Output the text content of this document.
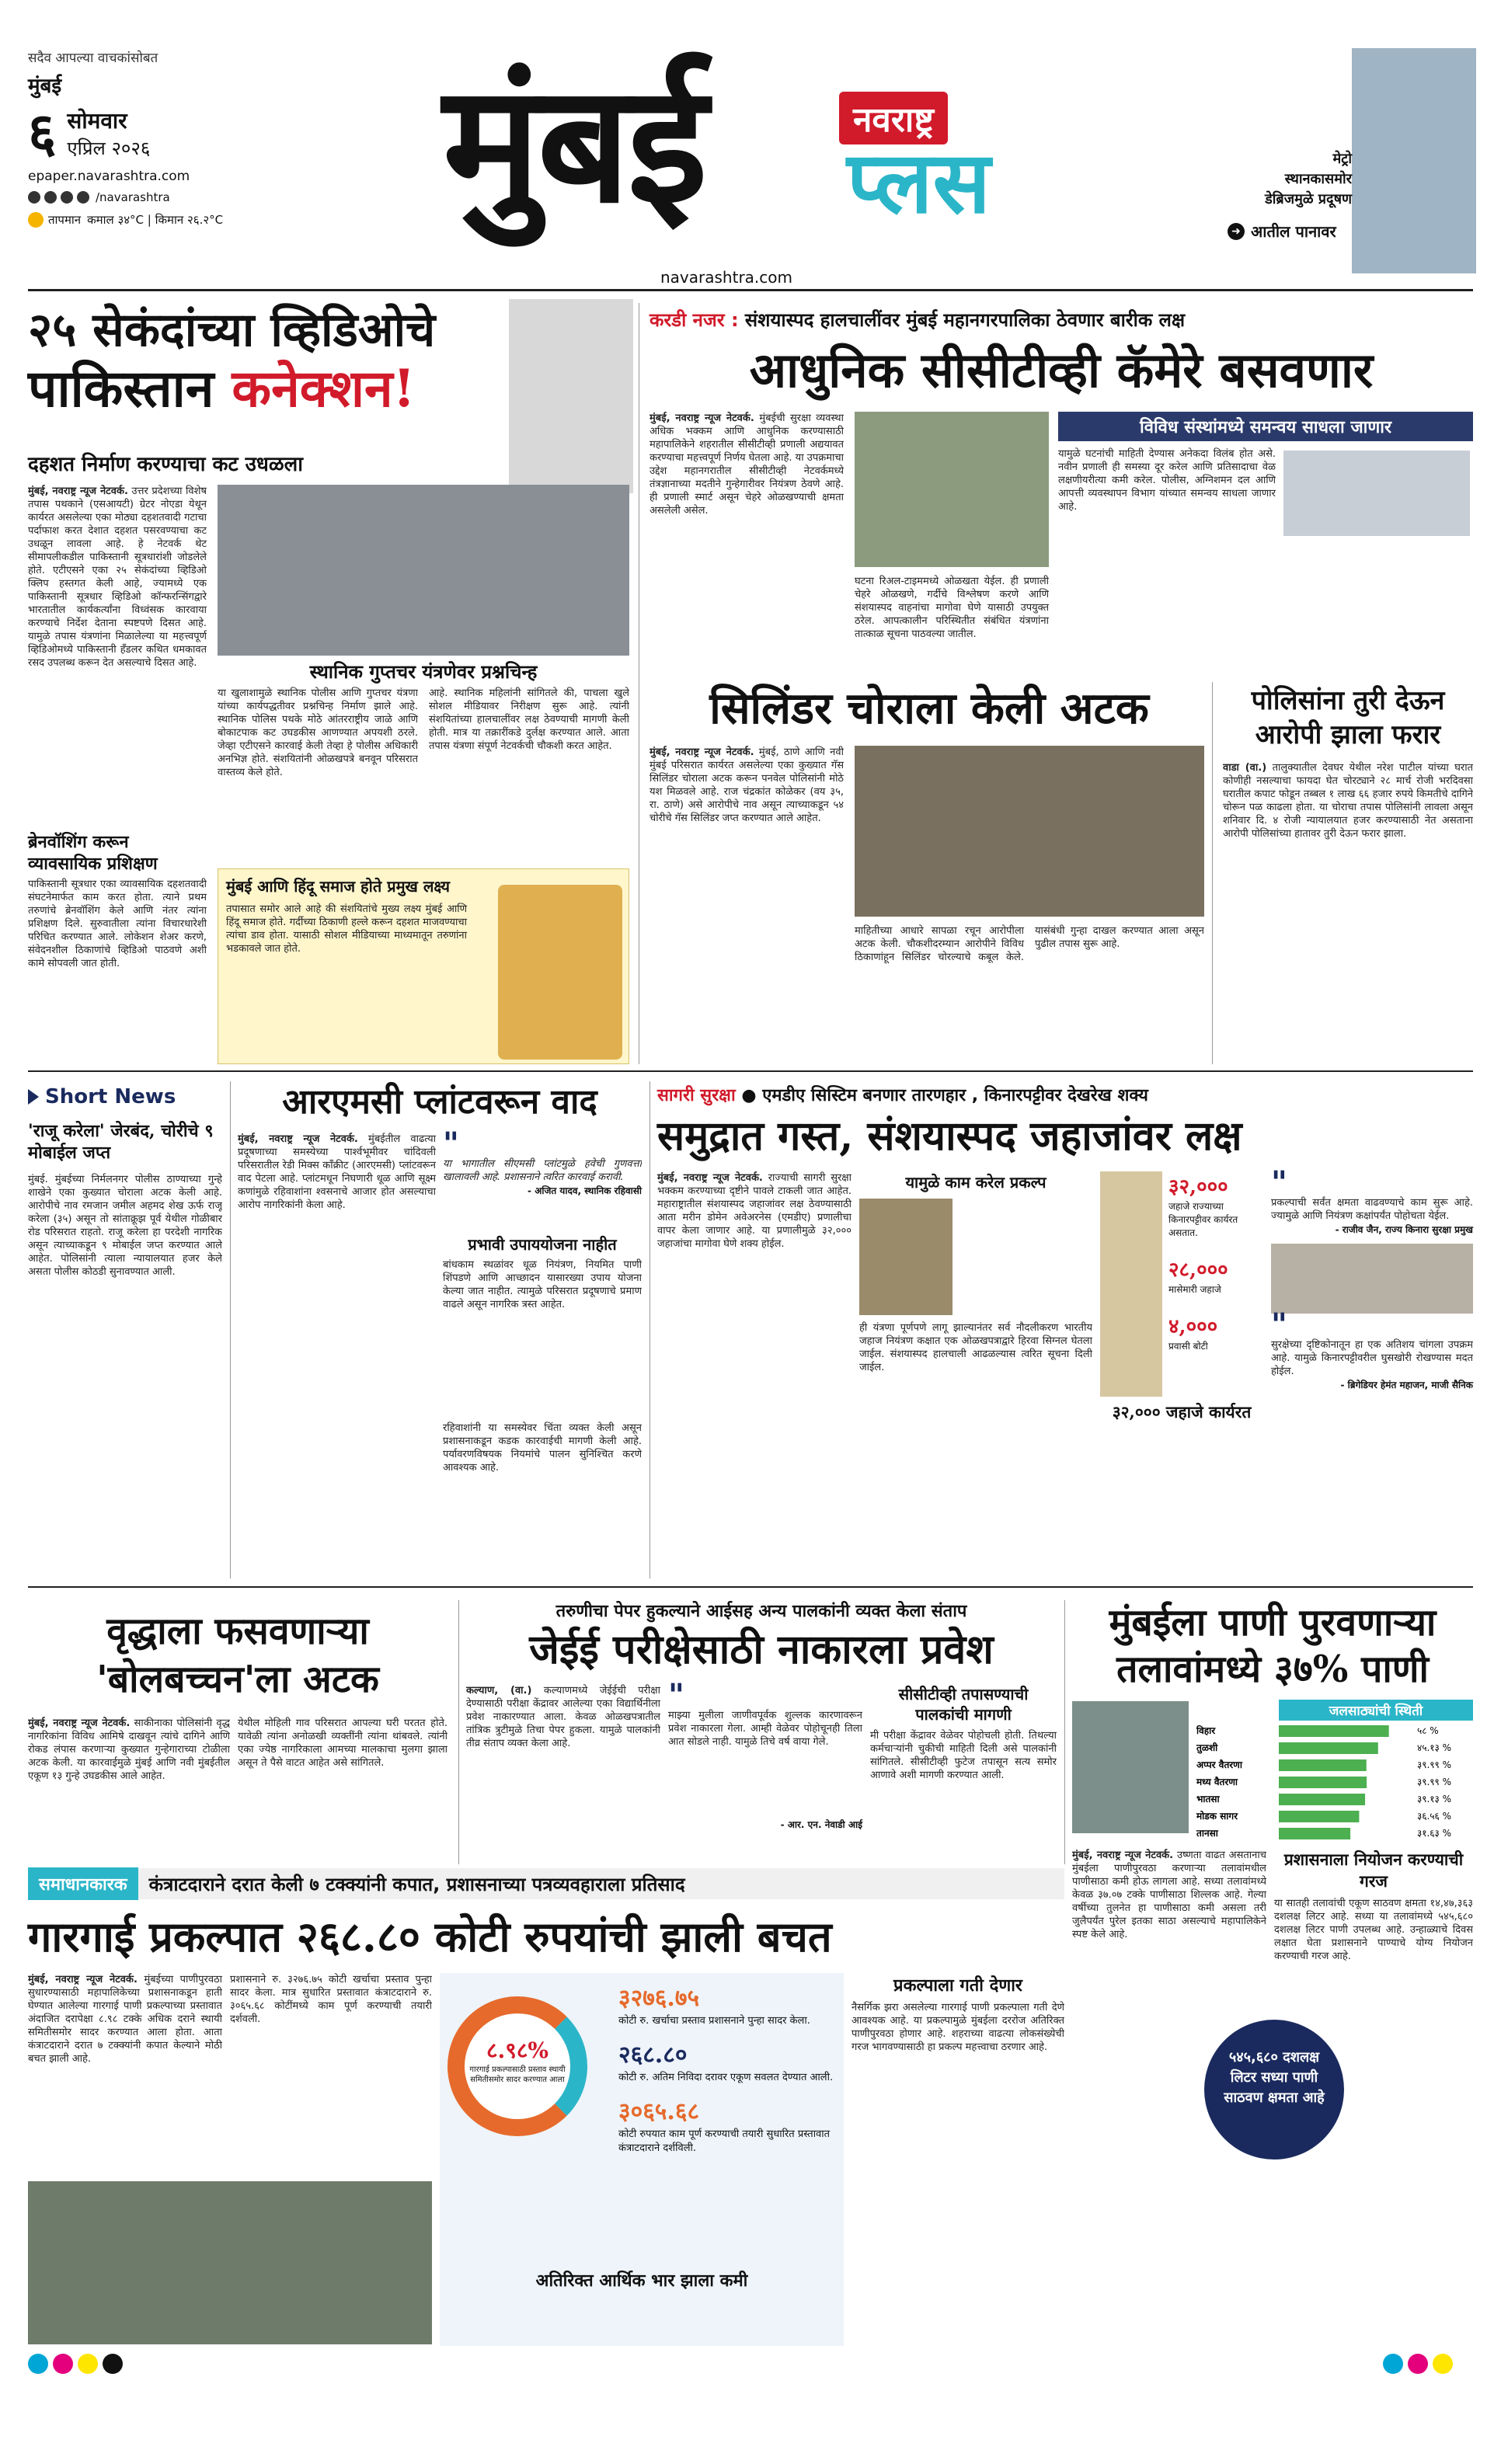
सदैव आपल्या वाचकांसोबत
मुंबई
६ सोमवार
एप्रिल २०२६
epaper.navarashtra.com
/navarashtra
तापमान कमाल ३४°C | किमान २६.२°C मुंबई	नवराष्ट्र
प्लस
navarashtra.com
मेट्रो
स्थानकासमोर
डेब्रिजमुळे प्रदूषण
➜ आतील पानावर
२५ सेकंदांच्या व्हिडिओचे
पाकिस्तान कनेक्शन!
दहशत निर्माण करण्याचा कट उधळला
मुंबई, नवराष्ट्र न्यूज नेटवर्क. उत्तर प्रदेशच्या विशेष तपास पथकाने (एसआयटी) ग्रेटर नोएडा येथून कार्यरत असलेल्या एका मोठ्या दहशतवादी गटाचा पर्दाफाश करत देशात दहशत पसरवण्याचा कट उधळून लावला आहे. हे नेटवर्क थेट सीमापलीकडील पाकिस्तानी सूत्रधारांशी जोडलेले होते. एटीएसने एका २५ सेकंदांच्या व्हिडिओ क्लिप हस्तगत केली आहे, ज्यामध्ये एक पाकिस्तानी सूत्रधार व्हिडिओ कॉन्फरन्सिंगद्वारे भारतातील कार्यकर्त्यांना विध्वंसक कारवाया करण्याचे निर्देश देताना स्पष्टपणे दिसत आहे. यामुळे तपास यंत्रणांना मिळालेल्या या महत्त्वपूर्ण व्हिडिओमध्ये पाकिस्तानी हँडलर कथित धमकावत रसद उपलब्ध करून देत असल्याचे दिसत आहे.	स्थानिक गुप्तचर यंत्रणेवर प्रश्नचिन्ह
या खुलाशामुळे स्थानिक पोलीस आणि गुप्तचर यंत्रणा यांच्या कार्यपद्धतीवर प्रश्नचिन्ह निर्माण झाले आहे. स्थानिक पोलिस पथके मोठे आंतरराष्ट्रीय जाळे आणि बोकाटपाक कट उघडकीस आणण्यात अपयशी ठरले. जेव्हा एटीएसने कारवाई केली तेव्हा हे पोलीस अधिकारी अनभिज्ञ होते. संशयितांनी ओळखपत्रे बनवून परिसरात वास्तव्य केले होते.
आहे. स्थानिक महिलांनी सांगितले की, पाचला खुले सोशल मीडियावर निरीक्षण सुरू आहे. त्यांनी संशयितांच्या हालचालींवर लक्ष ठेवण्याची मागणी केली होती. मात्र या तक्रारींकडे दुर्लक्ष करण्यात आले. आता तपास यंत्रणा संपूर्ण नेटवर्कची चौकशी करत आहेत.
ब्रेनवॉशिंग करून व्यावसायिक प्रशिक्षण
पाकिस्तानी सूत्रधार एका व्यावसायिक दहशतवादी संघटनेमार्फत काम करत होता. त्याने प्रथम तरुणांचे ब्रेनवॉशिंग केले आणि नंतर त्यांना प्रशिक्षण दिले. सुरुवातीला त्यांना विचारधारेशी परिचित करण्यात आले. लोकेशन शेअर करणे, संवेदनशील ठिकाणांचे व्हिडिओ पाठवणे अशी कामे सोपवली जात होती.
मुंबई आणि हिंदू समाज होते प्रमुख लक्ष्य
तपासात समोर आले आहे की संशयितांचे मुख्य लक्ष्य मुंबई आणि हिंदू समाज होते. गर्दीच्या ठिकाणी हल्ले करून दहशत माजवण्याचा त्यांचा डाव होता. यासाठी सोशल मीडियाच्या माध्यमातून तरुणांना भडकावले जात होते.
करडी नजर : संशयास्पद हालचालींवर मुंबई महानगरपालिका ठेवणार बारीक लक्ष
आधुनिक सीसीटीव्ही कॅमेरे बसवणार
मुंबई, नवराष्ट्र न्यूज नेटवर्क. मुंबईची सुरक्षा व्यवस्था अधिक भक्कम आणि आधुनिक करण्यासाठी महापालिकेने शहरातील सीसीटीव्ही प्रणाली अद्ययावत करण्याचा महत्त्वपूर्ण निर्णय घेतला आहे. या उपक्रमाचा उद्देश महानगरातील सीसीटीव्ही नेटवर्कमध्ये तंत्रज्ञानाच्या मदतीने गुन्हेगारीवर नियंत्रण ठेवणे आहे. ही प्रणाली स्मार्ट असून चेहरे ओळखण्याची क्षमता असलेली असेल.
घटना रिअल-टाइममध्ये ओळखता येईल. ही प्रणाली चेहरे ओळखणे, गर्दीचे विश्लेषण करणे आणि संशयास्पद वाहनांचा मागोवा घेणे यासाठी उपयुक्त ठरेल. आपत्कालीन परिस्थितीत संबंधित यंत्रणांना तात्काळ सूचना पाठवल्या जातील.
विविध संस्थांमध्ये समन्वय साधला जाणार
यामुळे घटनांची माहिती देण्यास अनेकदा विलंब होत असे. नवीन प्रणाली ही समस्या दूर करेल आणि प्रतिसादाचा वेळ लक्षणीयरीत्या कमी करेल. पोलीस, अग्निशमन दल आणि आपत्ती व्यवस्थापन विभाग यांच्यात समन्वय साधला जाणार आहे.
सिलिंडर चोराला केली अटक
मुंबई, नवराष्ट्र न्यूज नेटवर्क. मुंबई, ठाणे आणि नवी मुंबई परिसरात कार्यरत असलेल्या एका कुख्यात गॅस सिलिंडर चोराला अटक करून पनवेल पोलिसांनी मोठे यश मिळवले आहे. राज चंद्रकांत कोळेकर (वय ३५, रा. ठाणे) असे आरोपीचे नाव असून त्याच्याकडून ५४ चोरीचे गॅस सिलिंडर जप्त करण्यात आले आहेत.
माहितीच्या आधारे सापळा रचून आरोपीला अटक केली. चौकशीदरम्यान आरोपीने विविध ठिकाणांहून सिलिंडर चोरल्याचे कबूल केले. यासंबंधी गुन्हा दाखल करण्यात आला असून पुढील तपास सुरू आहे.
पोलिसांना तुरी देऊन आरोपी झाला फरार
वाडा (वा.) तालुक्यातील देवघर येथील नरेश पाटील यांच्या घरात कोणीही नसल्याचा फायदा घेत चोरट्याने २८ मार्च रोजी भरदिवसा घरातील कपाट फोडून तब्बल १ लाख ६६ हजार रुपये किमतीचे दागिने चोरून पळ काढला होता. या चोराचा तपास पोलिसांनी लावला असून शनिवार दि. ४ रोजी न्यायालयात हजर करण्यासाठी नेत असताना आरोपी पोलिसांच्या हातावर तुरी देऊन फरार झाला.
Short News
'राजू करेला' जेरबंद, चोरीचे ९ मोबाईल जप्त
मुंबई. मुंबईच्या निर्मलनगर पोलीस ठाण्याच्या गुन्हे शाखेने एका कुख्यात चोराला अटक केली आहे. आरोपीचे नाव रमजान जमील अहमद शेख ऊर्फ राजू करेला (३५) असून तो सांताक्रूझ पूर्व येथील गोळीबार रोड परिसरात राहतो. राजू करेला हा परदेशी नागरिक असून त्याच्याकडून ९ मोबाईल जप्त करण्यात आले आहेत. पोलिसांनी त्याला न्यायालयात हजर केले असता पोलीस कोठडी सुनावण्यात आली.
आरएमसी प्लांटवरून वाद
मुंबई, नवराष्ट्र न्यूज नेटवर्क. मुंबईतील वाढत्या प्रदूषणाच्या समस्येच्या पार्श्वभूमीवर चांदिवली परिसरातील रेडी मिक्स काँक्रीट (आरएमसी) प्लांटवरून वाद पेटला आहे. प्लांटमधून निघणारी धूळ आणि सूक्ष्म कणांमुळे रहिवाशांना श्वसनाचे आजार होत असल्याचा आरोप नागरिकांनी केला आहे.
"
या भागातील सीएमसी प्लांटमुळे हवेची गुणवत्ता खालावली आहे. प्रशासनाने त्वरित कारवाई करावी.
- अजित यादव, स्थानिक रहिवासी
प्रभावी उपाययोजना नाहीत
बांधकाम स्थळांवर धूळ नियंत्रण, नियमित पाणी शिंपडणे आणि आच्छादन यासारख्या उपाय योजना केल्या जात नाहीत. त्यामुळे परिसरात प्रदूषणाचे प्रमाण वाढले असून नागरिक त्रस्त आहेत.
रहिवाशांनी या समस्येवर चिंता व्यक्त केली असून प्रशासनाकडून कडक कारवाईची मागणी केली आहे. पर्यावरणविषयक नियमांचे पालन सुनिश्चित करणे आवश्यक आहे.
सागरी सुरक्षा ● एमडीए सिस्टिम बनणार तारणहार , किनारपट्टीवर देखरेख शक्य
समुद्रात गस्त, संशयास्पद जहाजांवर लक्ष
मुंबई, नवराष्ट्र न्यूज नेटवर्क. राज्याची सागरी सुरक्षा भक्कम करण्याच्या दृष्टीने पावले टाकली जात आहेत. महाराष्ट्रातील संशयास्पद जहाजांवर लक्ष ठेवण्यासाठी आता मरीन डोमेन अवेअरनेस (एमडीए) प्रणालीचा वापर केला जाणार आहे. या प्रणालीमुळे ३२,००० जहाजांचा मागोवा घेणे शक्य होईल.
यामुळे काम करेल प्रकल्प
ही यंत्रणा पूर्णपणे लागू झाल्यानंतर सर्व नौदलीकरण भारतीय जहाज नियंत्रण कक्षात एक ओळखपत्राद्वारे हिरवा सिग्नल घेतला जाईल. संशयास्पद हालचाली आढळल्यास त्वरित सूचना दिली जाईल.
३२,०००
जहाजे राज्याच्या किनारपट्टीवर कार्यरत असतात.
२८,०००
मासेमारी जहाजे
४,०००
प्रवासी बोटी
३२,००० जहाजे कार्यरत
"
प्रकल्पाची सर्वंत क्षमता वाढवण्याचे काम सुरू आहे. ज्यामुळे आणि नियंत्रण कक्षांपर्यंत पोहोचता येईल.
- राजीव जैन, राज्य किनारा सुरक्षा प्रमुख
"
सुरक्षेच्या दृष्टिकोनातून हा एक अतिशय चांगला उपक्रम आहे. यामुळे किनारपट्टीवरील घुसखोरी रोखण्यास मदत होईल.
- ब्रिगेडियर हेमंत महाजन, माजी सैनिक
वृद्धाला फसवणाऱ्या
'बोलबच्चन'ला अटक
मुंबई, नवराष्ट्र न्यूज नेटवर्क. साकीनाका पोलिसांनी वृद्ध नागरिकांना विविध आमिषे दाखवून त्यांचे दागिने आणि रोकड लंपास करणाऱ्या कुख्यात गुन्हेगाराच्या टोळीला अटक केली. या कारवाईमुळे मुंबई आणि नवी मुंबईतील एकूण १३ गुन्हे उघडकीस आले आहेत.
येथील मोहिली गाव परिसरात आपल्या घरी परतत होते. यावेळी त्यांना अनोळखी व्यक्तींनी त्यांना थांबवले. त्यांनी एका ज्येष्ठ नागरिकाला आमच्या मालकाचा मुलगा झाला असून ते पैसे वाटत आहेत असे सांगितले.
तरुणीचा पेपर हुकल्याने आईसह अन्य पालकांनी व्यक्त केला संताप
जेईई परीक्षेसाठी नाकारला प्रवेश
कल्याण, (वा.) कल्याणमध्ये जेईईची परीक्षा देण्यासाठी परीक्षा केंद्रावर आलेल्या एका विद्यार्थिनीला प्रवेश नाकारण्यात आला. केवळ ओळखपत्रातील तांत्रिक त्रुटीमुळे तिचा पेपर हुकला. यामुळे पालकांनी तीव्र संताप व्यक्त केला आहे.
"
माझ्या मुलीला जाणीवपूर्वक शुल्लक कारणावरून प्रवेश नाकारला गेला. आम्ही वेळेवर पोहोचूनही तिला आत सोडले नाही. यामुळे तिचे वर्ष वाया गेले.
- आर. एन. नेवाडी आई
सीसीटीव्ही तपासण्याची पालकांची मागणी
मी परीक्षा केंद्रावर वेळेवर पोहोचली होती. तिथल्या कर्मचाऱ्यांनी चुकीची माहिती दिली असे पालकांनी सांगितले. सीसीटीव्ही फुटेज तपासून सत्य समोर आणावे अशी मागणी करण्यात आली.
मुंबईला पाणी पुरवणाऱ्या
तलावांमध्ये ३७% पाणी
जलसाठ्यांची स्थिती
विहार	५८ %
तुळशी	४५.१३ %
अप्पर वैतरणा	३९.९९ %
मध्य वैतरणा	३९.९९ %
भातसा	३९.१३ %
मोडक सागर	३६.५६ %
तानसा	३१.६३ %
मुंबई, नवराष्ट्र न्यूज नेटवर्क. उष्णता वाढत असतानाच मुंबईला पाणीपुरवठा करणाऱ्या तलावांमधील पाणीसाठा कमी होऊ लागला आहे. सध्या तलावांमध्ये केवळ ३७.०७ टक्के पाणीसाठा शिल्लक आहे. गेल्या वर्षीच्या तुलनेत हा पाणीसाठा कमी असला तरी जुलैपर्यंत पुरेल इतका साठा असल्याचे महापालिकेने स्पष्ट केले आहे.
प्रशासनाला नियोजन करण्याची गरज
या सातही तलावांची एकूण साठवण क्षमता १४,४७,३६३ दशलक्ष लिटर आहे. सध्या या तलावांमध्ये ५४५,६८० दशलक्ष लिटर पाणी उपलब्ध आहे. उन्हाळ्याचे दिवस लक्षात घेता प्रशासनाने पाण्याचे योग्य नियोजन करण्याची गरज आहे.
५४५,६८० दशलक्ष लिटर सध्या पाणी साठवण क्षमता आहे
समाधानकारक	कंत्राटदाराने दरात केली ७ टक्क्यांनी कपात, प्रशासनाच्या पत्रव्यवहाराला प्रतिसाद
गारगाई प्रकल्पात २६८.८० कोटी रुपयांची झाली बचत
मुंबई, नवराष्ट्र न्यूज नेटवर्क. मुंबईच्या पाणीपुरवठा सुधारण्यासाठी महापालिकेच्या प्रशासनाकडून हाती घेण्यात आलेल्या गारगाई पाणी प्रकल्पाच्या प्रस्तावात अंदाजित दरापेक्षा ८.९८ टक्के अधिक दराने स्थायी समितीसमोर सादर करण्यात आला होता. आता कंत्राटदाराने दरात ७ टक्क्यांनी कपात केल्याने मोठी बचत झाली आहे.
प्रशासनाने रु. ३२७६.७५ कोटी खर्चाचा प्रस्ताव पुन्हा सादर केला. मात्र सुधारित प्रस्तावात कंत्राटदाराने रु. ३०६५.६८ कोटींमध्ये काम पूर्ण करण्याची तयारी दर्शवली.
८.९८%
गारगाई प्रकल्पासाठी प्रस्ताव स्थायी समितीसमोर सादर करण्यात आला
३२७६.७५
कोटी रु. खर्चाचा प्रस्ताव प्रशासनाने पुन्हा सादर केला.
२६८.८०
कोटी रु. अतिम निविदा दरावर एकूण सवलत देण्यात आली.
३०६५.६८
कोटी रुपयात काम पूर्ण करण्याची तयारी सुधारित प्रस्तावात कंत्राटदाराने दर्शविली.
अतिरिक्त आर्थिक भार झाला कमी
प्रकल्पाला गती देणार
नैसर्गिक झरा असलेल्या गारगाई पाणी प्रकल्पाला गती देणे आवश्यक आहे. या प्रकल्पामुळे मुंबईला दररोज अतिरिक्त पाणीपुरवठा होणार आहे. शहराच्या वाढत्या लोकसंख्येची गरज भागवण्यासाठी हा प्रकल्प महत्त्वाचा ठरणार आहे.
